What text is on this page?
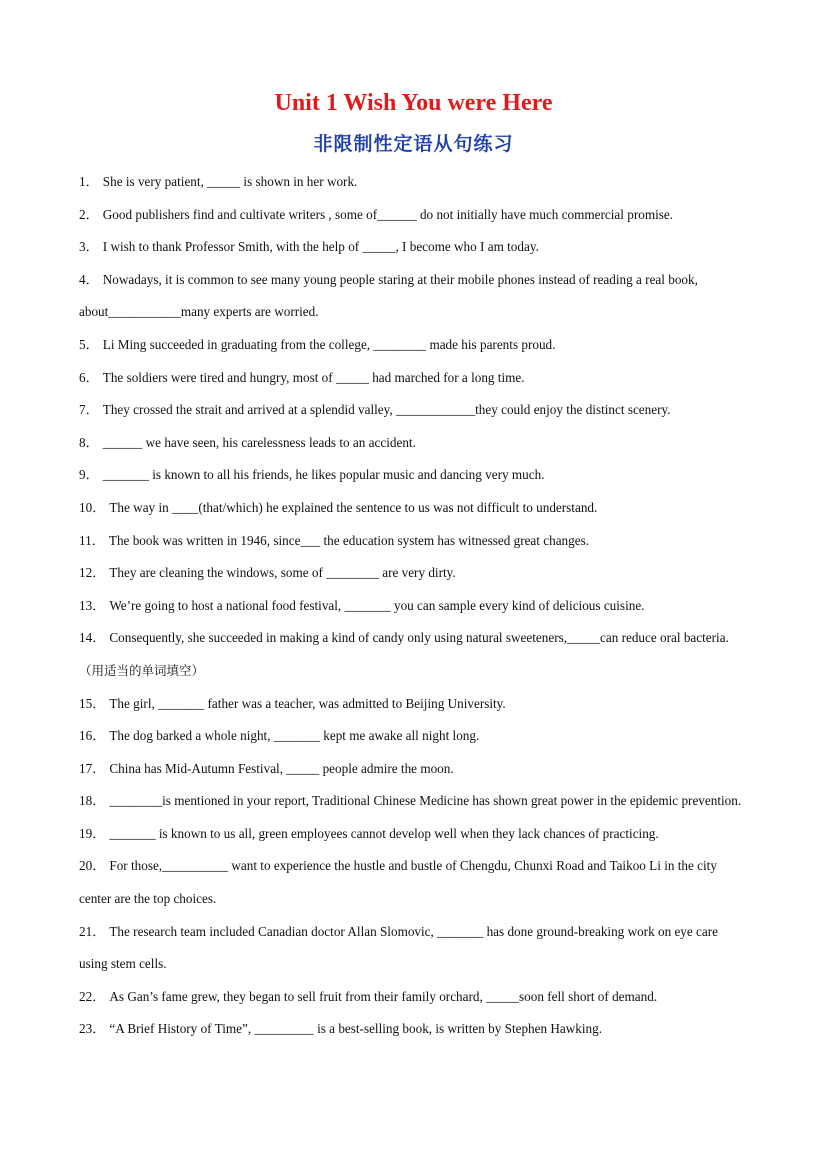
Unit 1 Wish You were Here
非限制性定语从句练习
1． She is very patient, _____ is shown in her work.
2． Good publishers find and cultivate writers , some of______ do not initially have much commercial promise.
3． I wish to thank Professor Smith, with the help of _____, I become who I am today.
4． Nowadays, it is common to see many young people staring at their mobile phones instead of reading a real book, about___________many experts are worried.
5． Li Ming succeeded in graduating from the college, ________ made his parents proud.
6． The soldiers were tired and hungry, most of _____ had marched for a long time.
7． They crossed the strait and arrived at a splendid valley, ____________they could enjoy the distinct scenery.
8． ______ we have seen, his carelessness leads to an accident.
9． _______ is known to all his friends, he likes popular music and dancing very much.
10． The way in ____(that/which) he explained the sentence to us was not difficult to understand.
11． The book was written in 1946, since___ the education system has witnessed great changes.
12． They are cleaning the windows, some of ________ are very dirty.
13． We’re going to host a national food festival, _______ you can sample every kind of delicious cuisine.
14． Consequently, she succeeded in making a kind of candy only using natural sweeteners,_____can reduce oral bacteria.（用适当的单词填空）
15． The girl, _______ father was a teacher, was admitted to Beijing University.
16． The dog barked a whole night, _______ kept me awake all night long.
17． China has Mid-Autumn Festival, _____ people admire the moon.
18． ________is mentioned in your report, Traditional Chinese Medicine has shown great power in the epidemic prevention.
19． _______ is known to us all, green employees cannot develop well when they lack chances of practicing.
20． For those,__________ want to experience the hustle and bustle of Chengdu, Chunxi Road and Taikoo Li in the city center are the top choices.
21． The research team included Canadian doctor Allan Slomovic, _______ has done ground-breaking work on eye care using stem cells.
22． As Gan’s fame grew, they began to sell fruit from their family orchard, _____soon fell short of demand.
23． “A Brief History of Time”, _________ is a best-selling book, is written by Stephen Hawking.
